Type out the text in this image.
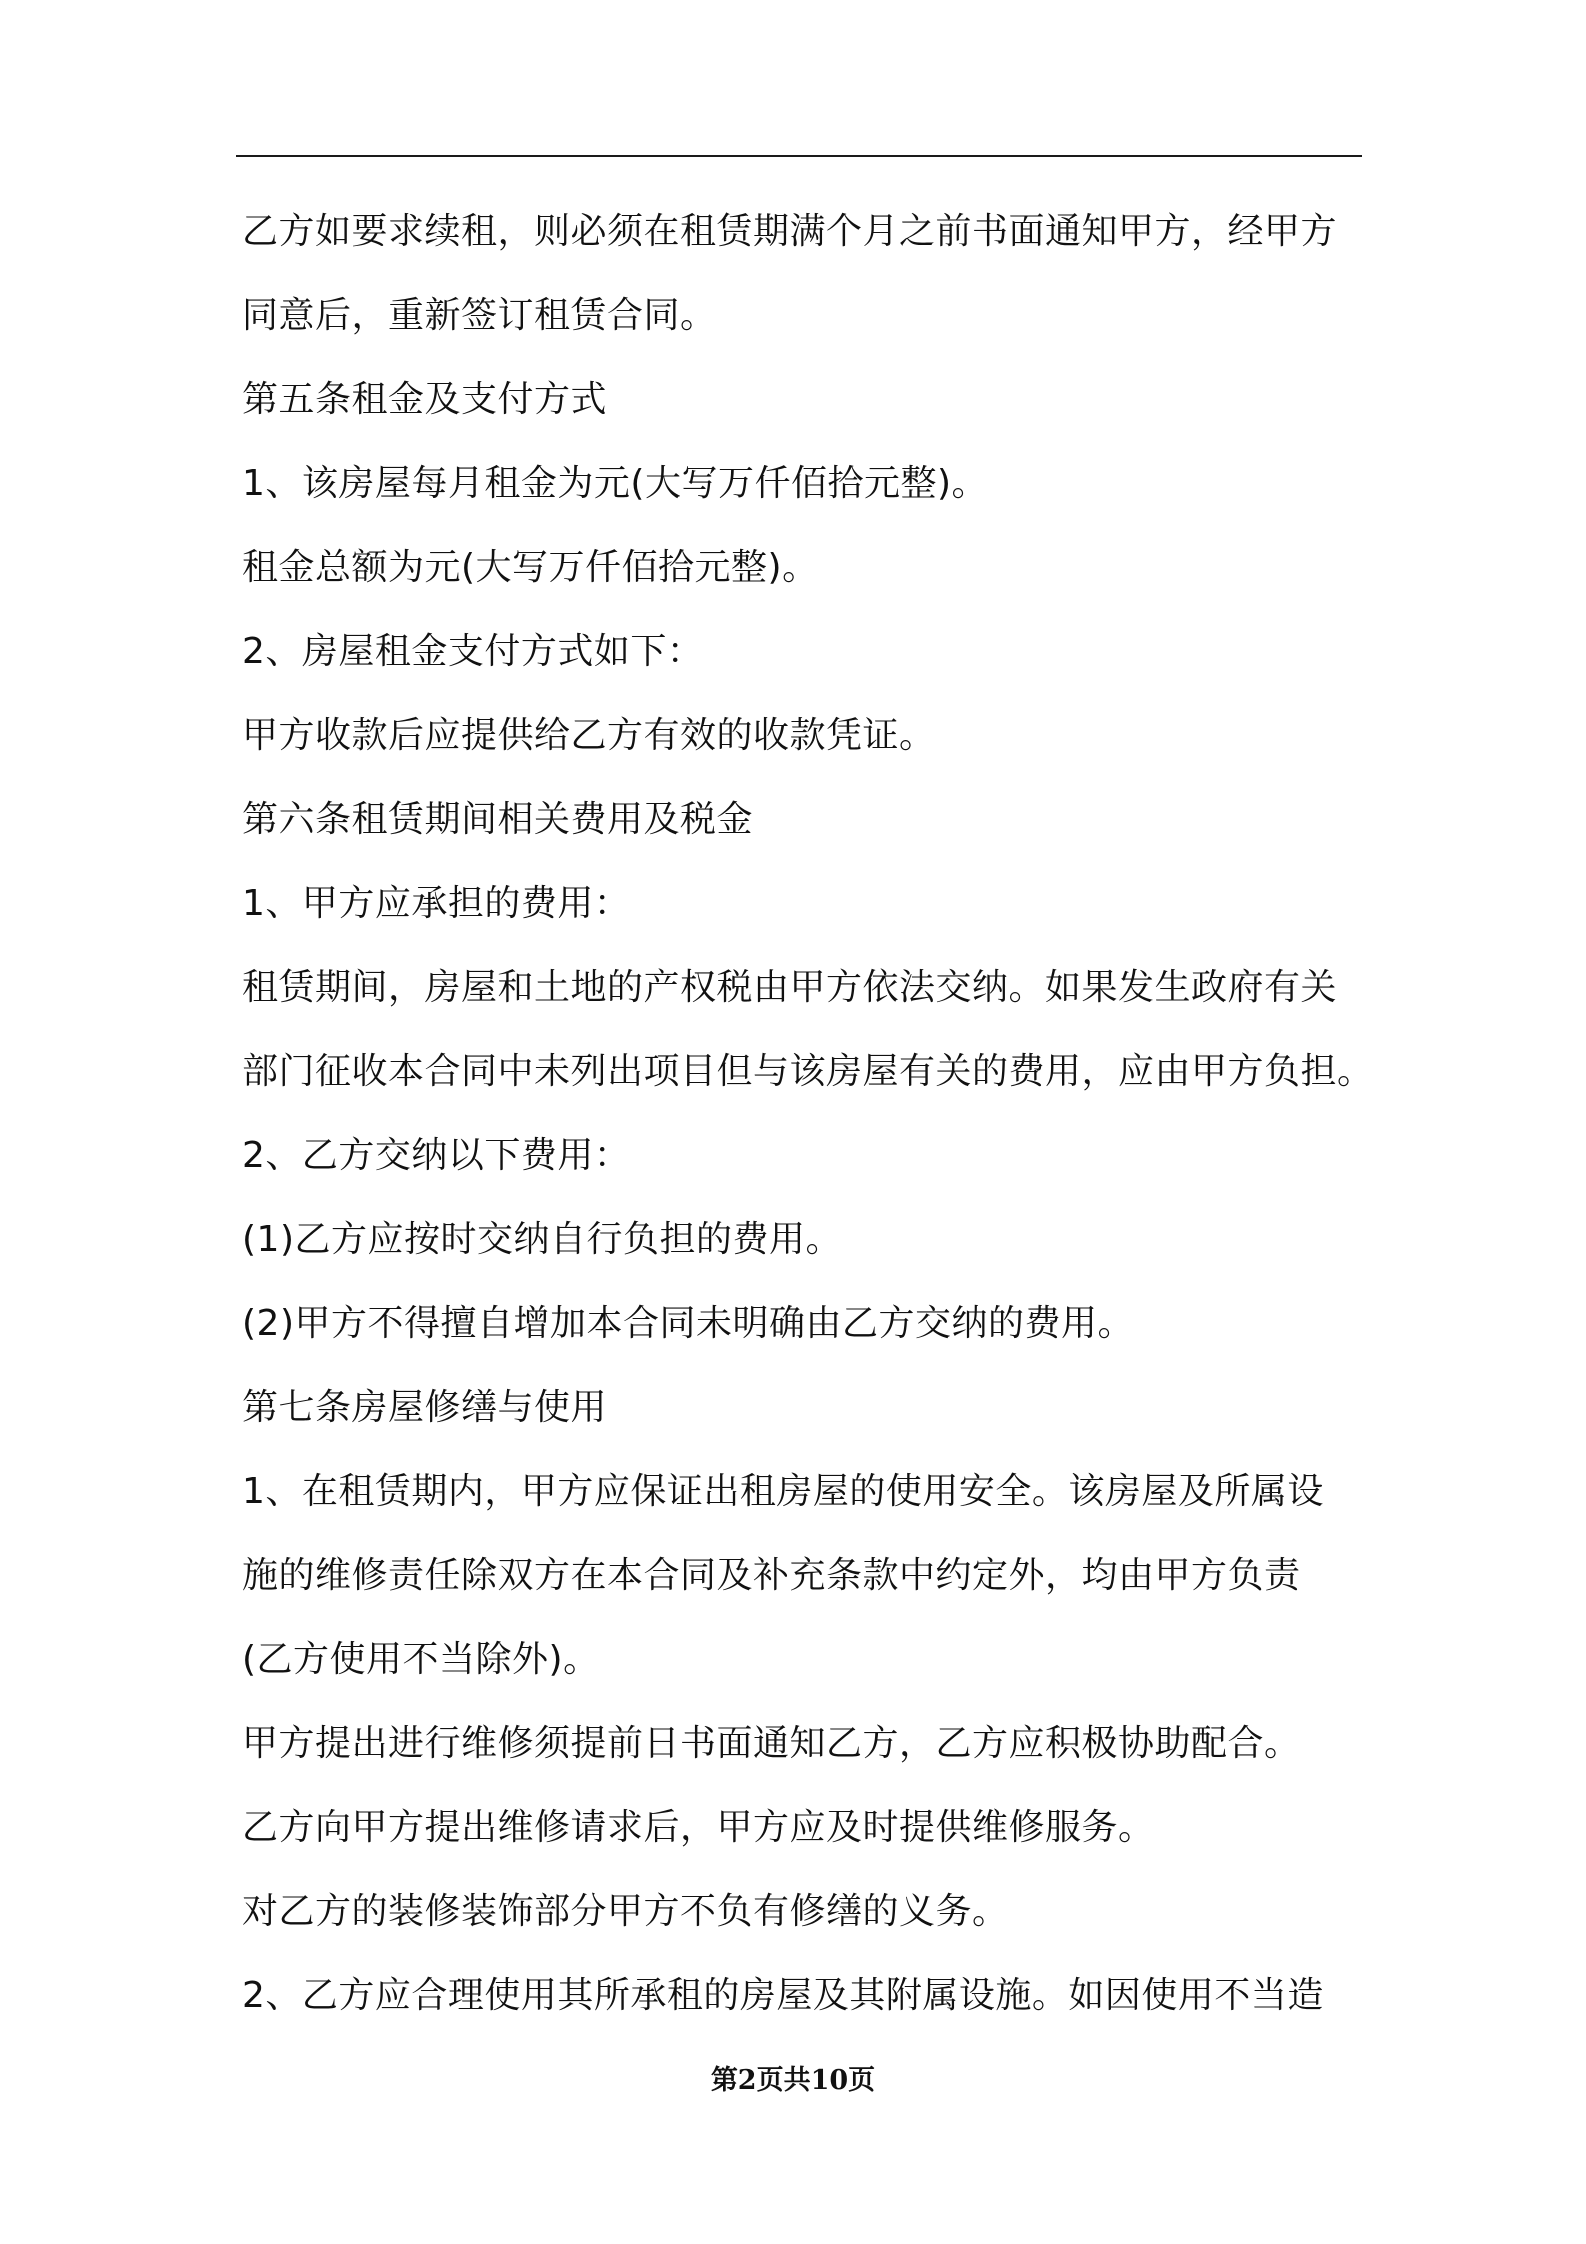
乙方如要求续租，则必须在租赁期满个月之前书面通知甲方，经甲方
同意后，重新签订租赁合同。
第五条租金及支付方式
1、该房屋每月租金为元(大写万仟佰拾元整)。
租金总额为元(大写万仟佰拾元整)。
2、房屋租金支付方式如下：
甲方收款后应提供给乙方有效的收款凭证。
第六条租赁期间相关费用及税金
1、甲方应承担的费用：
租赁期间，房屋和土地的产权税由甲方依法交纳。如果发生政府有关
部门征收本合同中未列出项目但与该房屋有关的费用，应由甲方负担。
2、乙方交纳以下费用：
(1)乙方应按时交纳自行负担的费用。
(2)甲方不得擅自增加本合同未明确由乙方交纳的费用。
第七条房屋修缮与使用
1、在租赁期内，甲方应保证出租房屋的使用安全。该房屋及所属设
施的维修责任除双方在本合同及补充条款中约定外，均由甲方负责
(乙方使用不当除外)。
甲方提出进行维修须提前日书面通知乙方，乙方应积极协助配合。
乙方向甲方提出维修请求后，甲方应及时提供维修服务。
对乙方的装修装饰部分甲方不负有修缮的义务。
2、乙方应合理使用其所承租的房屋及其附属设施。如因使用不当造
第2页共10页
